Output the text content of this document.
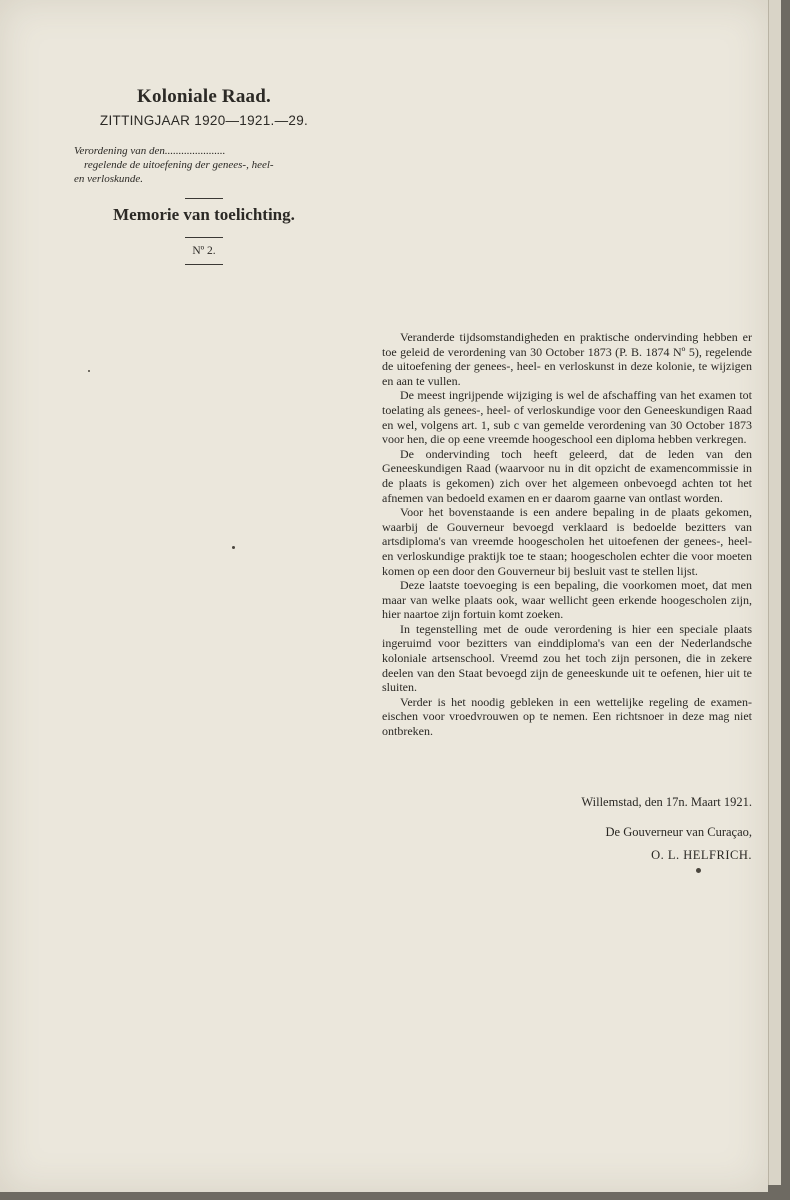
Koloniale Raad.
ZITTINGJAAR 1920—1921.—29.
Verordening van den......................
regelende de uitoefening der genees-, heel-
en verloskunde.
Memorie van toelichting.
Nº 2.

Veranderde tijdsomstandigheden en praktische ondervinding hebben er toe geleid de verordening van 30 October 1873 (P. B. 1874 Nº 5), regelende de uitoefening der genees-, heel- en verloskunst in deze kolonie, te wijzigen en aan te vullen.

De meest ingrijpende wijziging is wel de afschaffing van het examen tot toelating als genees-, heel- of verloskundige voor den Geneeskundigen Raad en wel, volgens art. 1, sub c van gemelde verordening van 30 October 1873 voor hen, die op eene vreemde hoogeschool een diploma hebben verkregen.

De ondervinding toch heeft geleerd, dat de leden van den Geneeskundigen Raad (waarvoor nu in dit opzicht de examencommissie in de plaats is gekomen) zich over het algemeen onbevoegd achten tot het afnemen van bedoeld examen en er daarom gaarne van ontlast worden.

Voor het bovenstaande is een andere bepaling in de plaats gekomen, waarbij de Gouverneur bevoegd verklaard is bedoelde bezitters van artsdiploma's van vreemde hoogescholen het uitoefenen der genees-, heel- en verloskundige praktijk toe te staan; hoogescholen echter die voor moeten komen op een door den Gouverneur bij besluit vast te stellen lijst.

Deze laatste toevoeging is een bepaling, die voorkomen moet, dat men maar van welke plaats ook, waar wellicht geen erkende hoogescholen zijn, hier naartoe zijn fortuin komt zoeken.

In tegenstelling met de oude verordening is hier een speciale plaats ingeruimd voor bezitters van einddiploma's van een der Nederlandsche koloniale artsenschool. Vreemd zou het toch zijn personen, die in zekere deelen van den Staat bevoegd zijn de geneeskunde uit te oefenen, hier uit te sluiten.

Verder is het noodig gebleken in een wettelijke regeling de examen-eischen voor vroedvrouwen op te nemen. Een richtsnoer in deze mag niet ontbreken.

Willemstad, den 17n. Maart 1921.
De Gouverneur van Curaçao,
O. L. HELFRICH.
